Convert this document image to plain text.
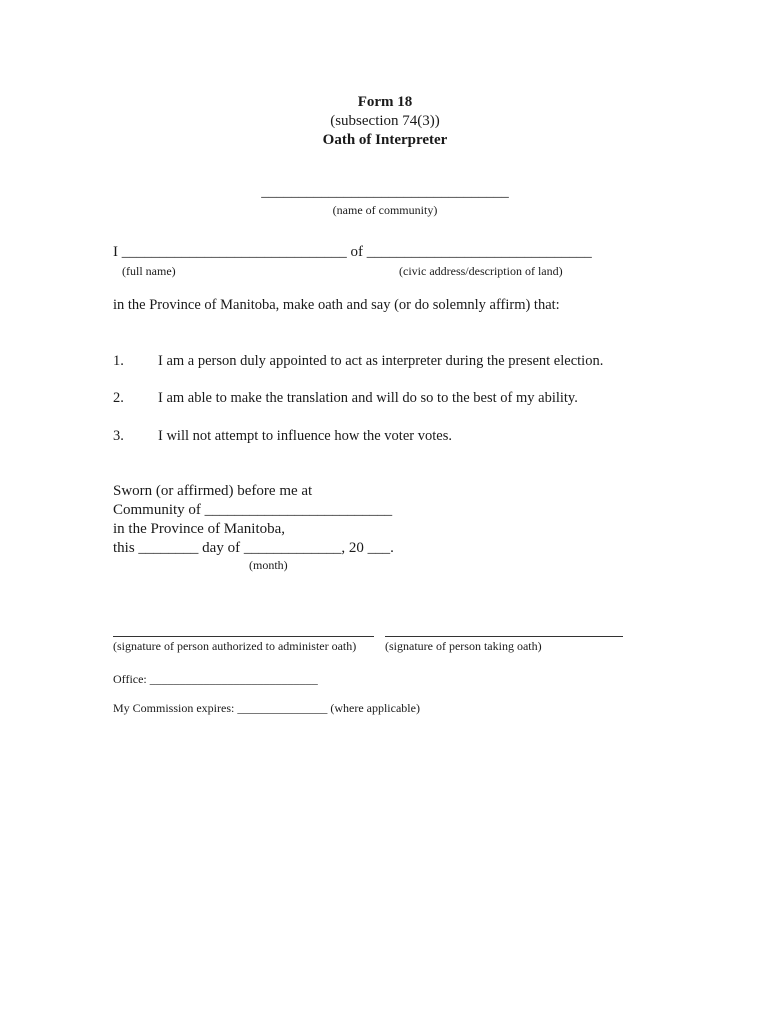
Form 18
(subsection 74(3))
Oath of Interpreter
_________________________________
(name of community)
I ______________________________ of ______________________________
(full name)	(civic address/description of land)
in the Province of Manitoba, make oath and say (or do solemnly affirm) that:
1. I am a person duly appointed to act as interpreter during the present election.
2. I am able to make the translation and will do so to the best of my ability.
3. I will not attempt to influence how the voter votes.
Sworn (or affirmed) before me at
Community of _________________________
in the Province of Manitoba,
this ________ day of _____________, 20 ___.
(month)
(signature of person authorized to administer oath) (signature of person taking oath)
Office: ____________________________
My Commission expires: _______________ (where applicable)
